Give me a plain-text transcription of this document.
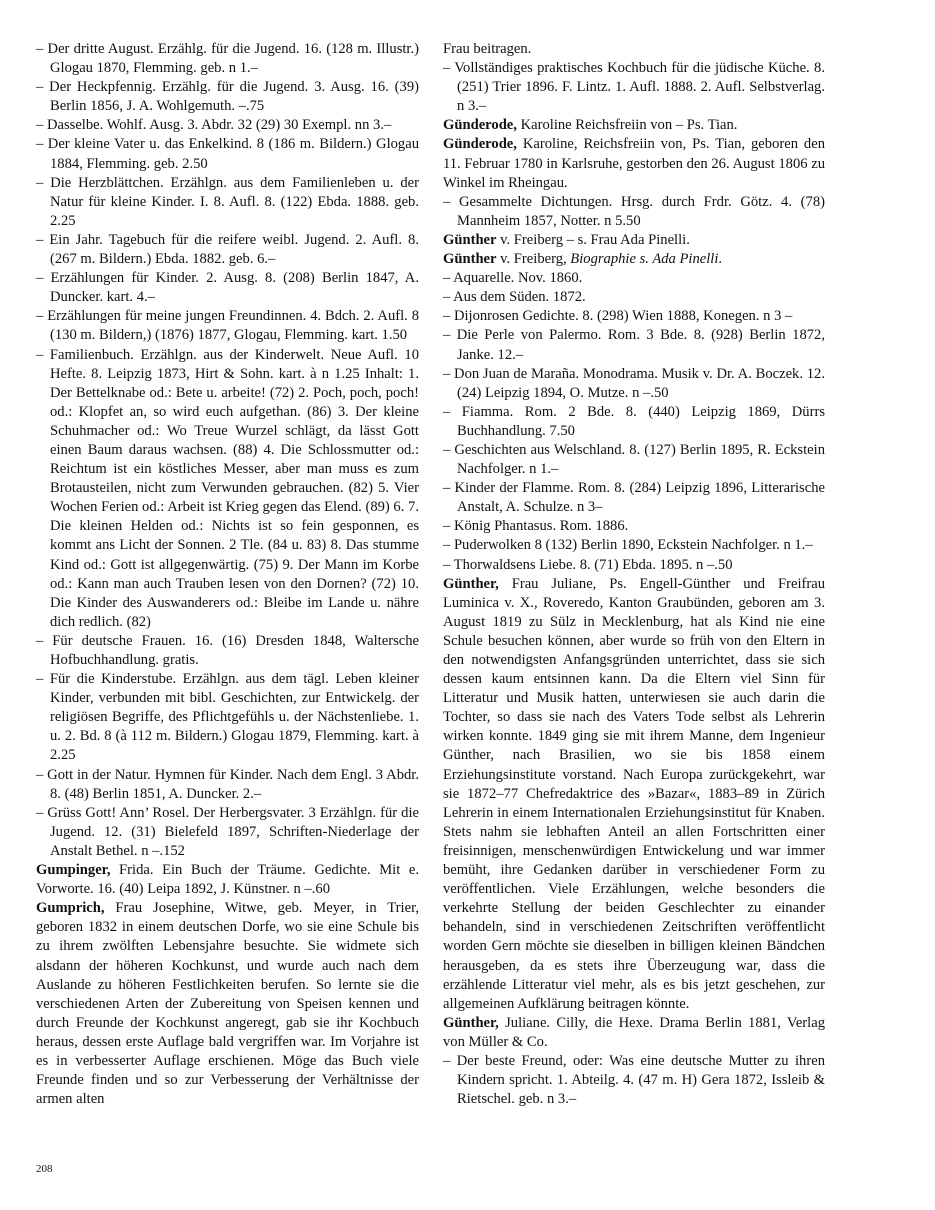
– Der dritte August. Erzählg. für die Jugend. 16. (128 m. Illustr.) Glogau 1870, Flemming. geb. n 1.–

– Der Heckpfennig. Erzählg. für die Jugend. 3. Ausg. 16. (39) Berlin 1856, J. A. Wohlgemuth. –.75

– Dasselbe. Wohlf. Ausg. 3. Abdr. 32 (29) 30 Exempl. nn 3.–

– Der kleine Vater u. das Enkelkind. 8 (186 m. Bildern.) Glogau 1884, Flemming. geb. 2.50

– Die Herzblättchen. Erzählgn. aus dem Familienleben u. der Natur für kleine Kinder. I. 8. Aufl. 8. (122) Ebda. 1888. geb. 2.25

– Ein Jahr. Tagebuch für die reifere weibl. Jugend. 2. Aufl. 8. (267 m. Bildern.) Ebda. 1882. geb. 6.–

– Erzählungen für Kinder. 2. Ausg. 8. (208) Berlin 1847, A. Duncker. kart. 4.–

– Erzählungen für meine jungen Freundinnen. 4. Bdch. 2. Aufl. 8 (130 m. Bildern,) (1876) 1877, Glogau, Flemming. kart. 1.50

– Familienbuch. Erzählgn. aus der Kinderwelt. Neue Aufl. 10 Hefte. 8. Leipzig 1873, Hirt & Sohn. kart. à n 1.25 Inhalt: 1. Der Bettelknabe od.: Bete u. arbeite! (72) 2. Poch, poch, poch! od.: Klopfet an, so wird euch aufgethan. (86) 3. Der kleine Schuhmacher od.: Wo Treue Wurzel schlägt, da lässt Gott einen Baum daraus wachsen. (88) 4. Die Schlossmutter od.: Reichtum ist ein köstliches Messer, aber man muss es zum Brotausteilen, nicht zum Verwunden gebrauchen. (82) 5. Vier Wochen Ferien od.: Arbeit ist Krieg gegen das Elend. (89) 6. 7. Die kleinen Helden od.: Nichts ist so fein gesponnen, es kommt ans Licht der Sonnen. 2 Tle. (84 u. 83) 8. Das stumme Kind od.: Gott ist allgegenwärtig. (75) 9. Der Mann im Korbe od.: Kann man auch Trauben lesen von den Dornen? (72) 10. Die Kinder des Auswanderers od.: Bleibe im Lande u. nähre dich redlich. (82)

– Für deutsche Frauen. 16. (16) Dresden 1848, Waltersche Hofbuchhandlung. gratis.

– Für die Kinderstube. Erzählgn. aus dem tägl. Leben kleiner Kinder, verbunden mit bibl. Geschichten, zur Entwickelg. der religiösen Begriffe, des Pflichtgefühls u. der Nächstenliebe. 1. u. 2. Bd. 8 (à 112 m. Bildern.) Glogau 1879, Flemming. kart. à 2.25

– Gott in der Natur. Hymnen für Kinder. Nach dem Engl. 3 Abdr. 8. (48) Berlin 1851, A. Duncker. 2.–

– Grüss Gott! Ann’ Rosel. Der Herbergsvater. 3 Erzählgn. für die Jugend. 12. (31) Bielefeld 1897, Schriften-Niederlage der Anstalt Bethel. n –.152

Gumpinger, Frida. Ein Buch der Träume. Gedichte. Mit e. Vorworte. 16. (40) Leipa 1892, J. Künstner. n –.60

Gumprich, Frau Josephine, Witwe, geb. Meyer, in Trier, geboren 1832 in einem deutschen Dorfe, wo sie eine Schule bis zu ihrem zwölften Lebensjahre besuchte. Sie widmete sich alsdann der höheren Kochkunst, und wurde auch nach dem Auslande zu höheren Festlichkeiten berufen. So lernte sie die verschiedenen Arten der Zubereitung von Speisen kennen und durch Freunde der Kochkunst angeregt, gab sie ihr Kochbuch heraus, dessen erste Auflage bald vergriffen war. Im Vorjahre ist es in verbesserter Auflage erschienen. Möge das Buch viele Freunde finden und so zur Verbesserung der Verhältnisse der armen alten

Frau beitragen.

– Vollständiges praktisches Kochbuch für die jüdische Küche. 8. (251) Trier 1896. F. Lintz. 1. Aufl. 1888. 2. Aufl. Selbstverlag. n 3.–

Günderode, Karoline Reichsfreiin von – Ps. Tian.

Günderode, Karoline, Reichsfreiin von, Ps. Tian, geboren den 11. Februar 1780 in Karlsruhe, gestorben den 26. August 1806 zu Winkel im Rheingau.

– Gesammelte Dichtungen. Hrsg. durch Frdr. Götz. 4. (78) Mannheim 1857, Notter. n 5.50

Günther v. Freiberg – s. Frau Ada Pinelli.

Günther v. Freiberg, Biographie s. Ada Pinelli.

– Aquarelle. Nov. 1860.

– Aus dem Süden. 1872.

– Dijonrosen Gedichte. 8. (298) Wien 1888, Konegen. n 3 –

– Die Perle von Palermo. Rom. 3 Bde. 8. (928) Berlin 1872, Janke. 12.–

– Don Juan de Maraña. Monodrama. Musik v. Dr. A. Boczek. 12. (24) Leipzig 1894, O. Mutze. n –.50

– Fiamma. Rom. 2 Bde. 8. (440) Leipzig 1869, Dürrs Buchhandlung. 7.50

– Geschichten aus Welschland. 8. (127) Berlin 1895, R. Eckstein Nachfolger. n 1.–

– Kinder der Flamme. Rom. 8. (284) Leipzig 1896, Litterarische Anstalt, A. Schulze. n 3–

– König Phantasus. Rom. 1886.

– Puderwolken 8 (132) Berlin 1890, Eckstein Nachfolger. n 1.–

– Thorwaldsens Liebe. 8. (71) Ebda. 1895. n –.50

Günther, Frau Juliane, Ps. Engell-Günther und Freifrau Luminica v. X., Roveredo, Kanton Graubünden, geboren am 3. August 1819 zu Sülz in Mecklenburg, hat als Kind nie eine Schule besuchen können, aber wurde so früh von den Eltern in den notwendigsten Anfangsgründen unterrichtet, dass sie sich dessen kaum entsinnen kann. Da die Eltern viel Sinn für Litteratur und Musik hatten, unterwiesen sie auch darin die Tochter, so dass sie nach des Vaters Tode selbst als Lehrerin wirken konnte. 1849 ging sie mit ihrem Manne, dem Ingenieur Günther, nach Brasilien, wo sie bis 1858 einem Erziehungsinstitute vorstand. Nach Europa zurückgekehrt, war sie 1872–77 Chefredaktrice des »Bazar«, 1883–89 in Zürich Lehrerin in einem Internationalen Erziehungsinstitut für Knaben. Stets nahm sie lebhaften Anteil an allen Fortschritten einer freisinnigen, menschenwürdigen Entwickelung und war immer bemüht, ihre Gedanken darüber in verschiedener Form zu veröffentlichen. Viele Erzählungen, welche besonders die verkehrte Stellung der beiden Geschlechter zu einander behandeln, sind in verschiedenen Zeitschriften veröffentlicht worden Gern möchte sie dieselben in billigen kleinen Bändchen herausgeben, da es stets ihre Überzeugung war, dass die erzählende Litteratur viel mehr, als es bis jetzt geschehen, zur allgemeinen Aufklärung beitragen könnte.

Günther, Juliane. Cilly, die Hexe. Drama Berlin 1881, Verlag von Müller & Co.

– Der beste Freund, oder: Was eine deutsche Mutter zu ihren Kindern spricht. 1. Abteilg. 4. (47 m. H) Gera 1872, Issleib & Rietschel. geb. n 3.–

208
